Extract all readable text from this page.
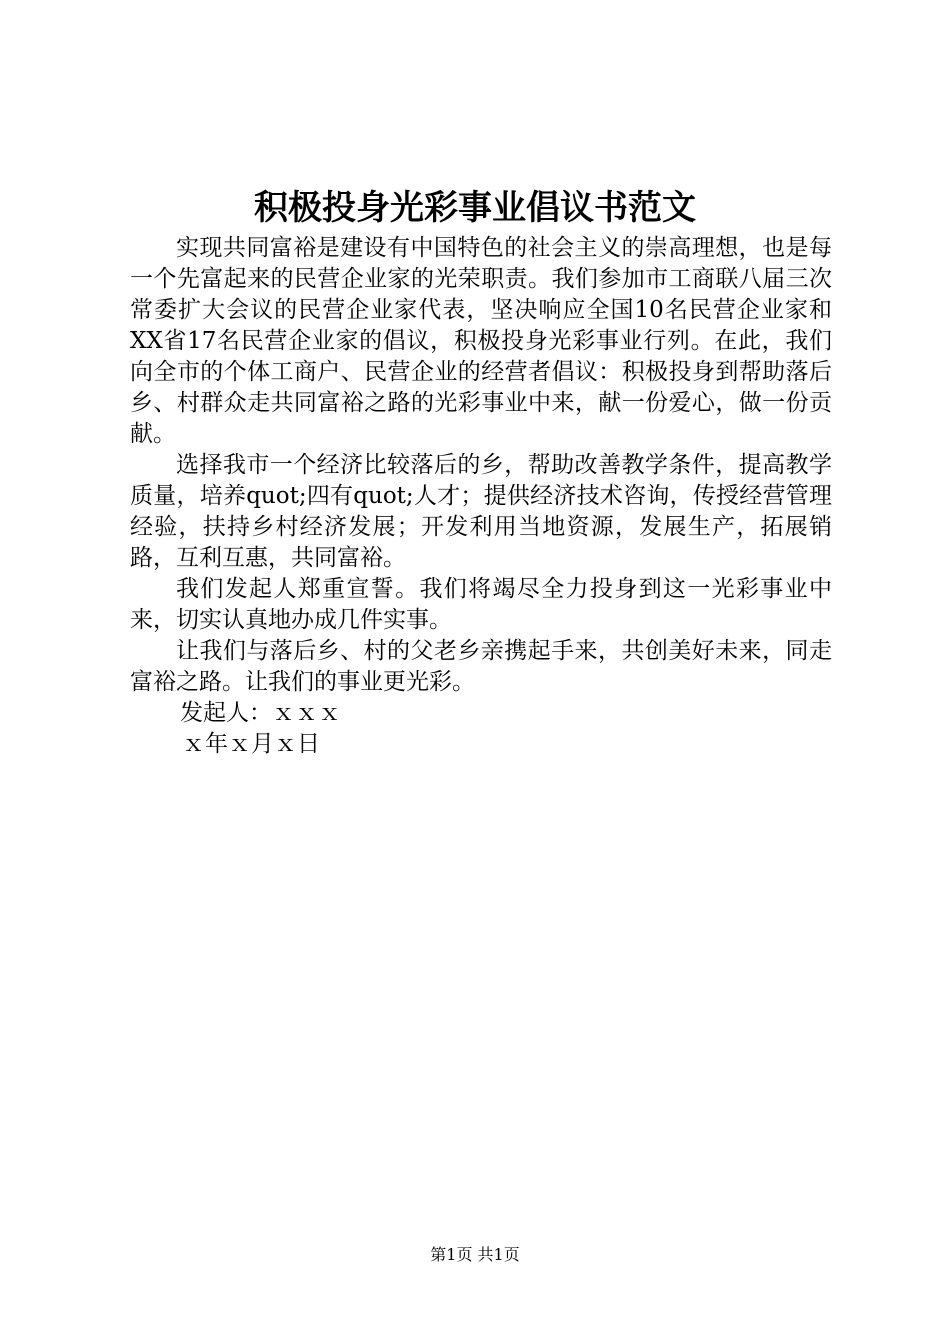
积极投身光彩事业倡议书范文

实现共同富裕是建设有中国特色的社会主义的崇高理想，也是每一个先富起来的民营企业家的光荣职责。我们参加市工商联八届三次常委扩大会议的民营企业家代表，坚决响应全国10名民营企业家和XX省17名民营企业家的倡议，积极投身光彩事业行列。在此，我们向全市的个体工商户、民营企业的经营者倡议：积极投身到帮助落后乡、村群众走共同富裕之路的光彩事业中来，献一份爱心，做一份贡献。

选择我市一个经济比较落后的乡，帮助改善教学条件，提高教学质量，培养quot;四有quot;人才；提供经济技术咨询，传授经营管理经验，扶持乡村经济发展；开发利用当地资源，发展生产，拓展销路，互利互惠，共同富裕。

我们发起人郑重宣誓。我们将竭尽全力投身到这一光彩事业中来，切实认真地办成几件实事。

让我们与落后乡、村的父老乡亲携起手来，共创美好未来，同走富裕之路。让我们的事业更光彩。

发起人：ｘｘｘ

ｘ年ｘ月ｘ日

第1页 共1页
